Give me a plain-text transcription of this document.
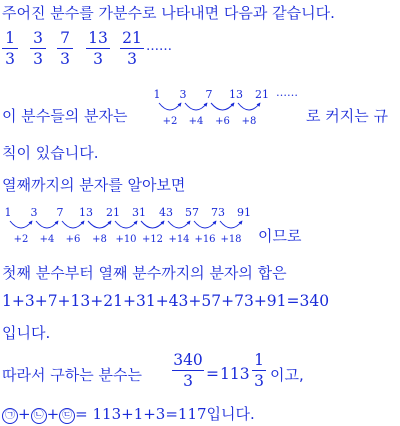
주어진 분수를 가분수로 나타내면 다음과 같습니다.
1
3
3
3
7
3
13
3
21
3
……
1 3 7 13 21
+2 +4 +6 +8
……
이 분수들의 분자는	로 커지는 규
칙이 있습니다.
열째까지의 분자를 알아보면
1 3 7 13 21 31 43 57 73 91
+2 +4 +6 +8 +10 +12 +14 +16 +18 이므로
첫째 분수부터 열째 분수까지의 분자의 합은
1+3+7+13+21+31+43+57+73+91=340
입니다.
따라서 구하는 분수는
340
3 = 113
1
3 이고,
㉠ + ㉡ + ㉢ = 113+1+3=117입니다.
